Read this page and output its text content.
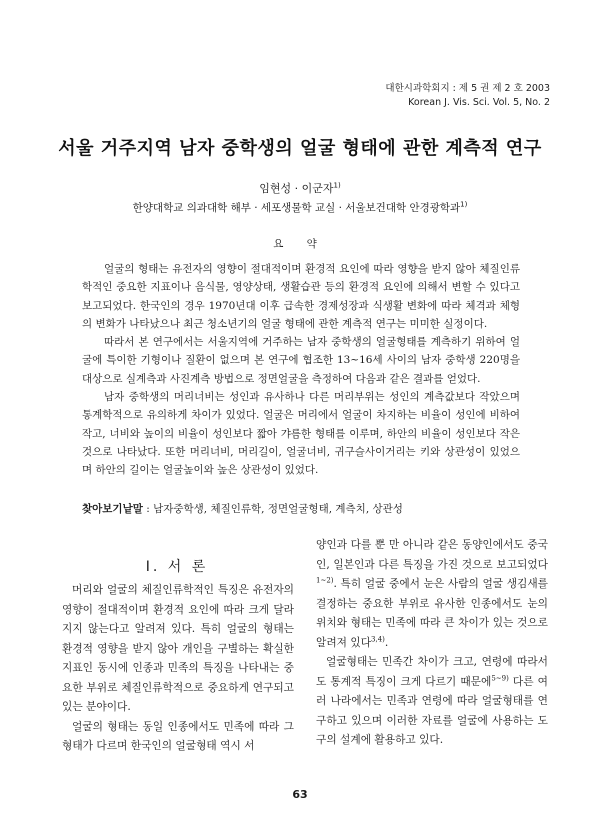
대한시과학회지 : 제 5 권 제 2 호 2003
Korean J. Vis. Sci. Vol. 5, No. 2
서울 거주지역 남자 중학생의 얼굴 형태에 관한 계측적 연구
임현성 · 이군자$^{1)}$
한양대학교 의과대학 해부 · 세포생물학 교실 · 서울보건대학 안경광학과$^{1)}$
요 약

얼굴의 형태는 유전자의 영향이 절대적이며 환경적 요인에 따라 영향을 받지 않아 체질인류학적인 중요한 지표이나 음식물, 영양상태, 생활습관 등의 환경적 요인에 의해서 변할 수 있다고 보고되었다. 한국인의 경우 1970년대 이후 급속한 경제성장과 식생활 변화에 따라 체격과 체형의 변화가 나타났으나 최근 청소년기의 얼굴 형태에 관한 계측적 연구는 미미한 실정이다.

따라서 본 연구에서는 서울지역에 거주하는 남자 중학생의 얼굴형태를 계측하기 위하여 얼굴에 특이한 기형이나 질환이 없으며 본 연구에 협조한 13~16세 사이의 남자 중학생 220명을 대상으로 실계측과 사진계측 방법으로 정면얼굴을 측정하여 다음과 같은 결과를 얻었다.

남자 중학생의 머리너비는 성인과 유사하나 다른 머리부위는 성인의 계측값보다 작았으며 통계학적으로 유의하게 차이가 있었다. 얼굴은 머리에서 얼굴이 차지하는 비율이 성인에 비하여 작고, 너비와 높이의 비율이 성인보다 짧아 갸름한 형태를 이루며, 하안의 비율이 성인보다 작은 것으로 나타났다. 또한 머리너비, 머리길이, 얼굴너비, 귀구슬사이거리는 키와 상관성이 있었으며 하안의 길이는 얼굴높이와 높은 상관성이 있었다.

찾아보기낱말 : 남자중학생, 체질인류학, 정면얼굴형태, 계측치, 상관성
I. 서 론

머리와 얼굴의 체질인류학적인 특징은 유전자의 영향이 절대적이며 환경적 요인에 따라 크게 달라지지 않는다고 알려져 있다. 특히 얼굴의 형태는 환경적 영향을 받지 않아 개인을 구별하는 확실한 지표인 동시에 인종과 민족의 특징을 나타내는 중요한 부위로 체질인류학적으로 중요하게 연구되고 있는 분야이다.

얼굴의 형태는 동일 인종에서도 민족에 따라 그 형태가 다르며 한국인의 얼굴형태 역시 서

양인과 다를 뿐 만 아니라 같은 동양인에서도 중국인, 일본인과 다른 특징을 가진 것으로 보고되었다$^{1\sim 2)}$. 특히 얼굴 중에서 눈은 사람의 얼굴 생김새를 결정하는 중요한 부위로 유사한 인종에서도 눈의 위치와 형태는 민족에 따라 큰 차이가 있는 것으로 알려져 있다$^{3,4)}$.

얼굴형태는 민족간 차이가 크고, 연령에 따라서도 통계적 특징이 크게 다르기 때문에$^{5\sim 9)}$ 다른 여러 나라에서는 민족과 연령에 따라 얼굴형태를 연구하고 있으며 이러한 자료를 얼굴에 사용하는 도구의 설계에 활용하고 있다.

63
